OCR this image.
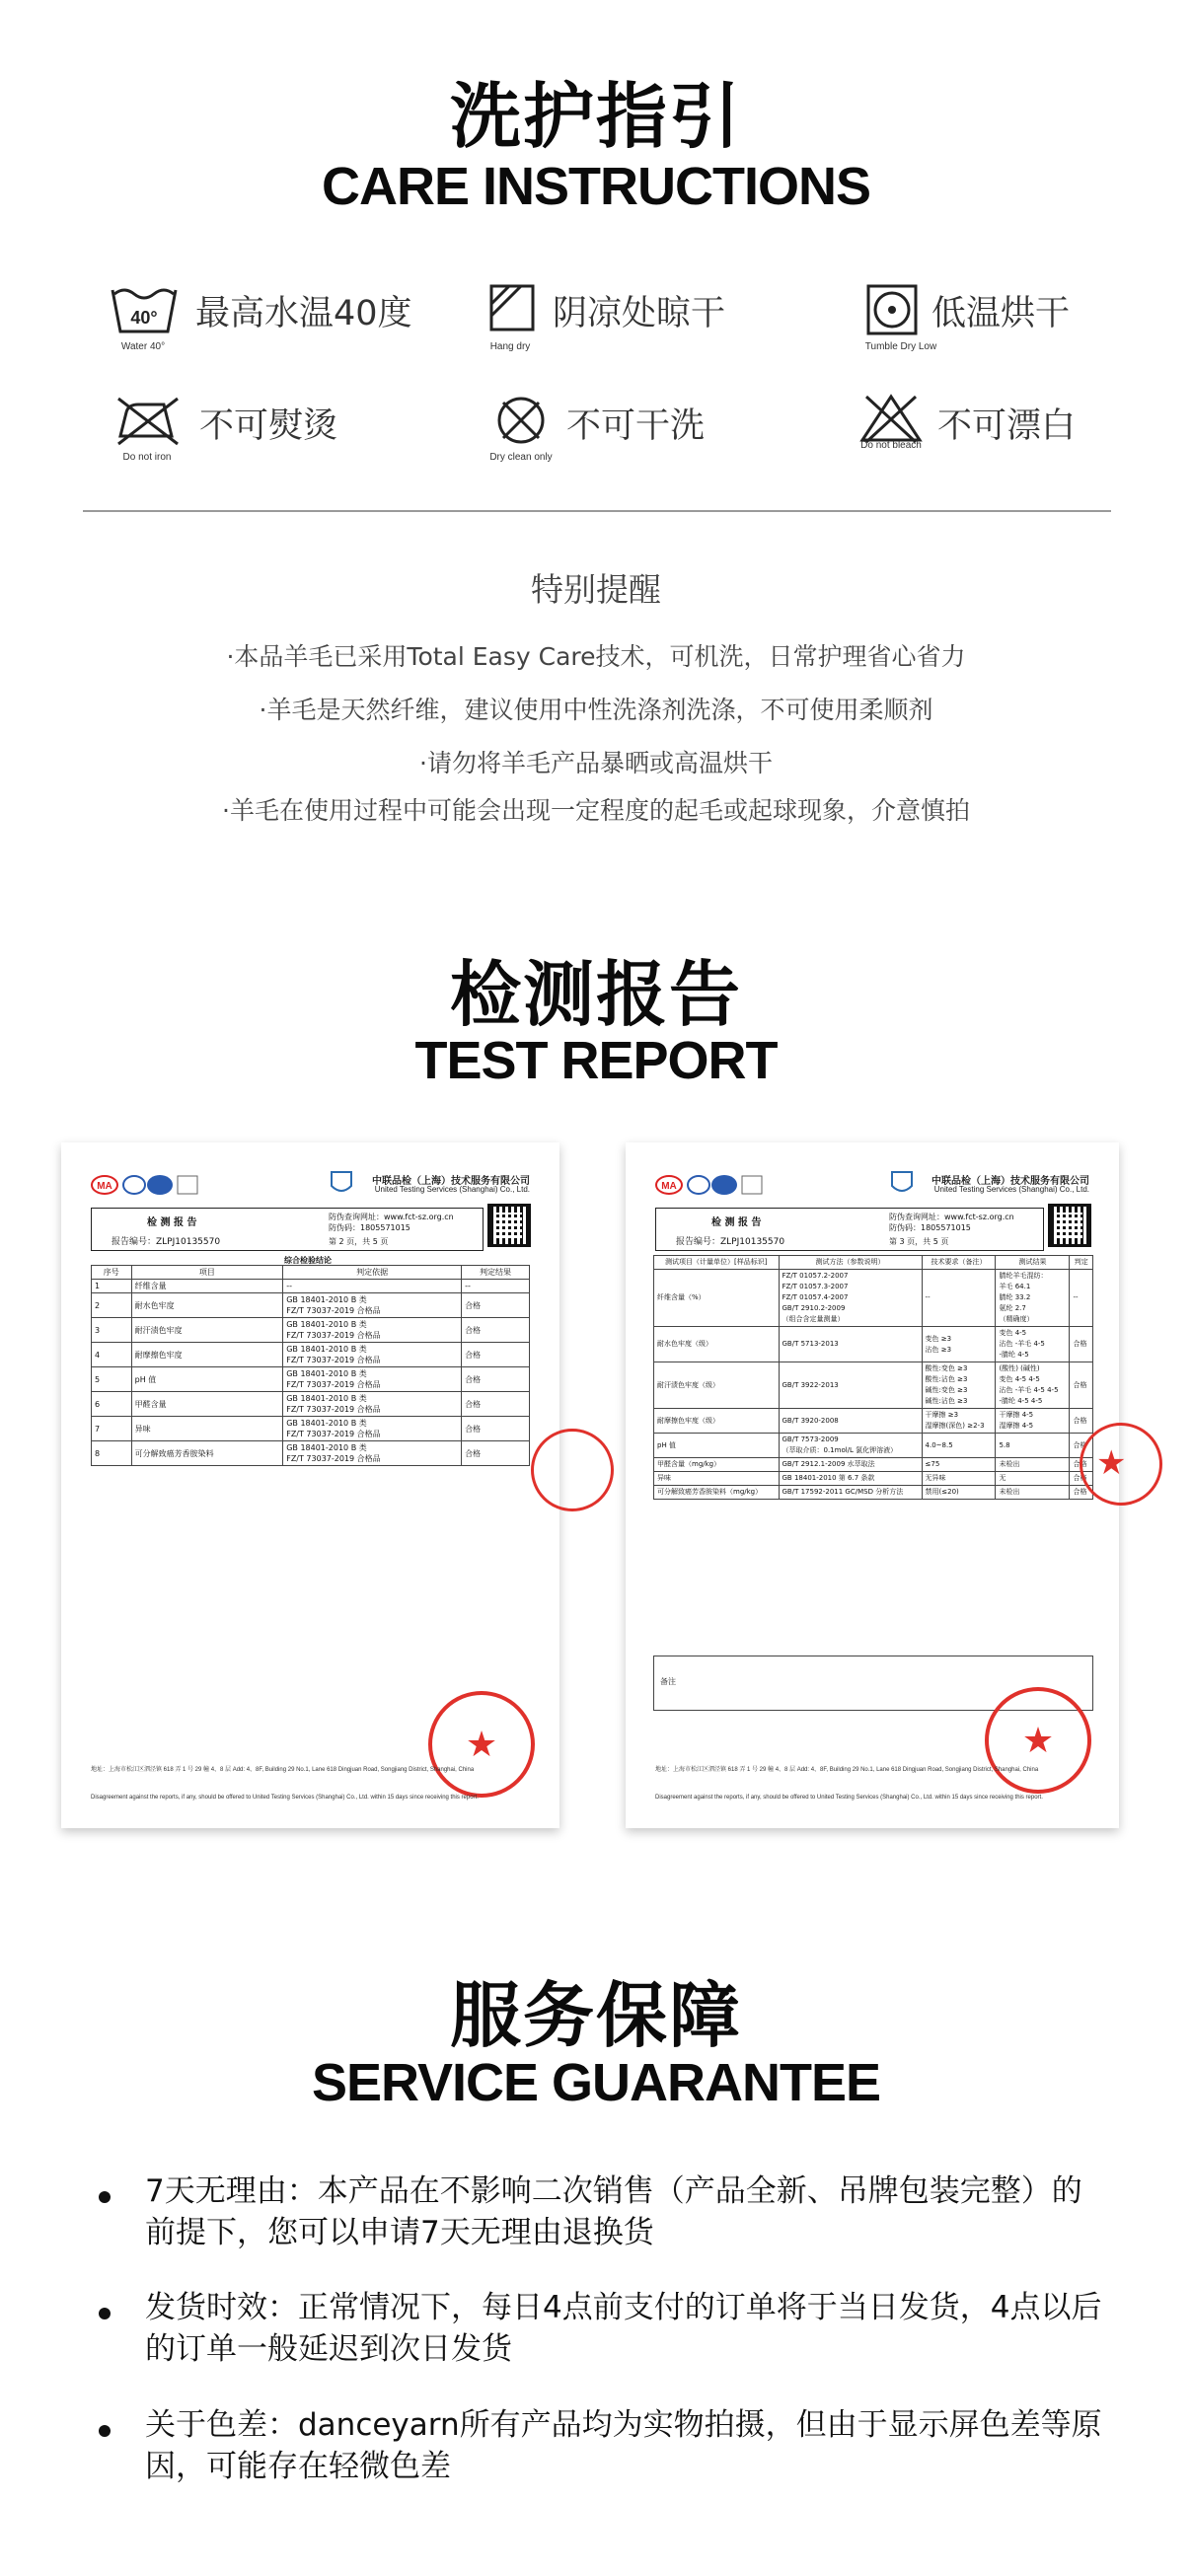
洗护指引
CARE INSTRUCTIONS
40°
Water 40°
最高水温40度
Hang dry
阴凉处晾干
Tumble Dry Low
低温烘干
Do not iron
不可熨烫
Dry clean only
不可干洗	Do not bleach 不可漂白
特别提醒
·本品羊毛已采用Total Easy Care技术，可机洗，日常护理省心省力
·羊毛是天然纤维，建议使用中性洗涤剂洗涤，不可使用柔顺剂
·请勿将羊毛产品暴晒或高温烘干
·羊毛在使用过程中可能会出现一定程度的起毛或起球现象，介意慎拍
检测报告
TEST REPORT
MA	中联品检（上海）技术服务有限公司
United Testing Services (Shanghai) Co., Ltd.
检 测 报 告
报告编号：ZLPJ10135570
防伪查询网址：www.fct-sz.org.cn
防伪码：1805571015
第 2 页，共 5 页
综合检验结论
序号	项目	判定依据	判定结果
1	纤维含量	--	--
2	耐水色牢度	GB 18401-2010 B 类
FZ/T 73037-2019 合格品	合格
3	耐汗渍色牢度	GB 18401-2010 B 类
FZ/T 73037-2019 合格品	合格
4	耐摩擦色牢度	GB 18401-2010 B 类
FZ/T 73037-2019 合格品	合格
5	pH 值	GB 18401-2010 B 类
FZ/T 73037-2019 合格品	合格
6	甲醛含量	GB 18401-2010 B 类
FZ/T 73037-2019 合格品	合格
7	异味	GB 18401-2010 B 类
FZ/T 73037-2019 合格品	合格
8	可分解致癌芳香胺染料	GB 18401-2010 B 类
FZ/T 73037-2019 合格品	合格
★
地址：上海市松江区泗泾镇 618 弄 1 号 29 幢 4、8 层 Add: 4、8F, Building 29 No.1, Lane 618 Dingjuan Road, Songjiang District, Shanghai, China
Disagreement against the reports, if any, should be offered to United Testing Services (Shanghai) Co., Ltd. within 15 days since receiving this report.
MA	中联品检（上海）技术服务有限公司
United Testing Services (Shanghai) Co., Ltd.
检 测 报 告
报告编号：ZLPJ10135570
防伪查询网址：www.fct-sz.org.cn
防伪码：1805571015
第 3 页，共 5 页
测试项目（计量单位）[样品标识]	测试方法（参数说明）	技术要求（备注）	测试结果	判定
纤维含量（%）	FZ/T 01057.2-2007
FZ/T 01057.3-2007
FZ/T 01057.4-2007
GB/T 2910.2-2009
（组合含定量测量）	--	腈纶羊毛混纺：
羊毛 64.1
腈纶 33.2
氨纶 2.7
（精确度）	--
耐水色牢度（级）	GB/T 5713-2013	变色 ≥3
沾色 ≥3	变色 4-5
沾色 -羊毛 4-5
-腈纶 4-5	合格
耐汗渍色牢度（级）	GB/T 3922-2013	酸性:变色 ≥3
酸性:沾色 ≥3
碱性:变色 ≥3
碱性:沾色 ≥3	(酸性) (碱性)
变色 4-5 4-5
沾色 -羊毛 4-5 4-5
-腈纶 4-5 4-5	合格
耐摩擦色牢度（级）	GB/T 3920-2008	干摩擦 ≥3
湿摩擦(深色) ≥2-3	干摩擦 4-5
湿摩擦 4-5	合格
pH 值	GB/T 7573-2009
（萃取介质：0.1mol/L 氯化钾溶液）	4.0~8.5	5.8	合格
甲醛含量（mg/kg）	GB/T 2912.1-2009 水萃取法	≤75	未检出	合格
异味	GB 18401-2010 第 6.7 条款	无异味	无	合格
可分解致癌芳香胺染料（mg/kg）	GB/T 17592-2011 GC/MSD 分析方法	禁用(≤20)	未检出	合格
备注
★
★
地址：上海市松江区泗泾镇 618 弄 1 号 29 幢 4、8 层 Add: 4、8F, Building 29 No.1, Lane 618 Dingjuan Road, Songjiang District, Shanghai, China
Disagreement against the reports, if any, should be offered to United Testing Services (Shanghai) Co., Ltd. within 15 days since receiving this report.
服务保障
SERVICE GUARANTEE
7天无理由：本产品在不影响二次销售（产品全新、吊牌包装完整）的前提下，您可以申请7天无理由退换货
发货时效：正常情况下，每日4点前支付的订单将于当日发货，4点以后的订单一般延迟到次日发货
关于色差：danceyarn所有产品均为实物拍摄，但由于显示屏色差等原因，可能存在轻微色差
